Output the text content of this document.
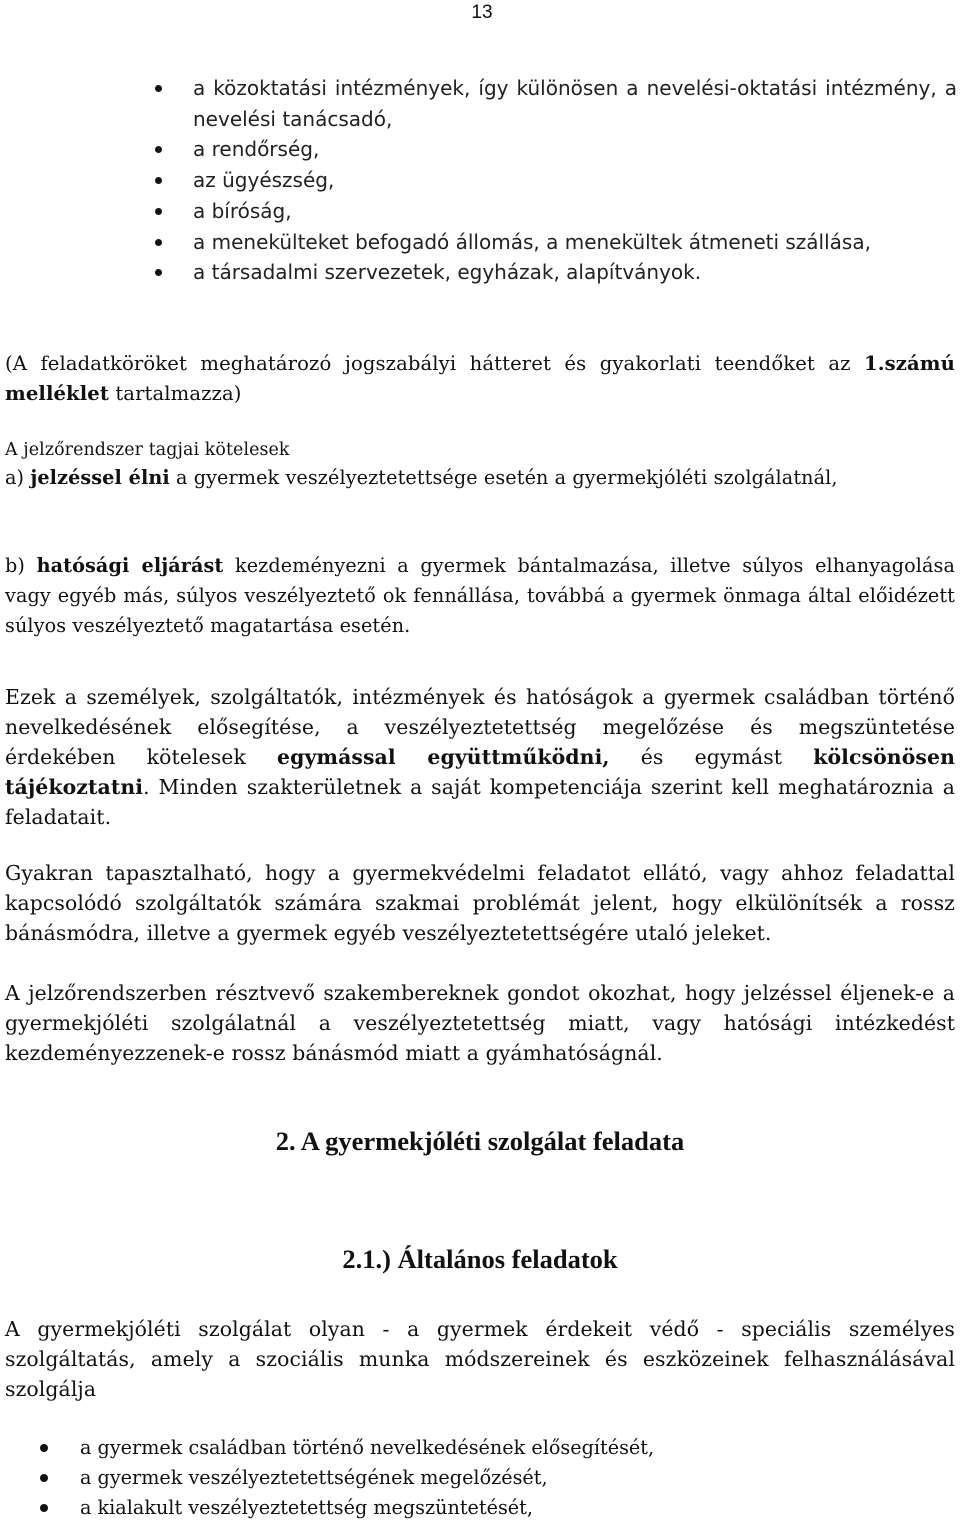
13
a közoktatási intézmények, így különösen a nevelési-oktatási intézmény, a nevelési tanácsadó,
a rendőrség,
az ügyészség,
a bíróság,
a menekülteket befogadó állomás, a menekültek átmeneti szállása,
a társadalmi szervezetek, egyházak, alapítványok.
(A feladatköröket meghatározó jogszabályi hátteret és gyakorlati teendőket az 1.számú melléklet tartalmazza)
A jelzőrendszer tagjai kötelesek
a) jelzéssel élni a gyermek veszélyeztetettsége esetén a gyermekjóléti szolgálatnál,
b) hatósági eljárást kezdeményezni a gyermek bántalmazása, illetve súlyos elhanyagolása vagy egyéb más, súlyos veszélyeztető ok fennállása, továbbá a gyermek önmaga által előidézett súlyos veszélyeztető magatartása esetén.
Ezek a személyek, szolgáltatók, intézmények és hatóságok a gyermek családban történő nevelkedésének elősegítése, a veszélyeztetettség megelőzése és megszüntetése érdekében kötelesek egymással együttműködni, és egymást kölcsönösen tájékoztatni. Minden szakterületnek a saját kompetenciája szerint kell meghatároznia a feladatait.
Gyakran tapasztalható, hogy a gyermekvédelmi feladatot ellátó, vagy ahhoz feladattal kapcsolódó szolgáltatók számára szakmai problémát jelent, hogy elkülönítsék a rossz bánásmódra, illetve a gyermek egyéb veszélyeztetettségére utaló jeleket.
A jelzőrendszerben résztvevő szakembereknek gondot okozhat, hogy jelzéssel éljenek-e a gyermekjóléti szolgálatnál a veszélyeztetettség miatt, vagy hatósági intézkedést kezdeményezzenek-e rossz bánásmód miatt a gyámhatóságnál.
2. A gyermekjóléti szolgálat feladata
2.1.) Általános feladatok
A gyermekjóléti szolgálat olyan - a gyermek érdekeit védő - speciális személyes szolgáltatás, amely a szociális munka módszereinek és eszközeinek felhasználásával szolgálja
a gyermek családban történő nevelkedésének elősegítését,
a gyermek veszélyeztetettségének megelőzését,
a kialakult veszélyeztetettség megszüntetését,
